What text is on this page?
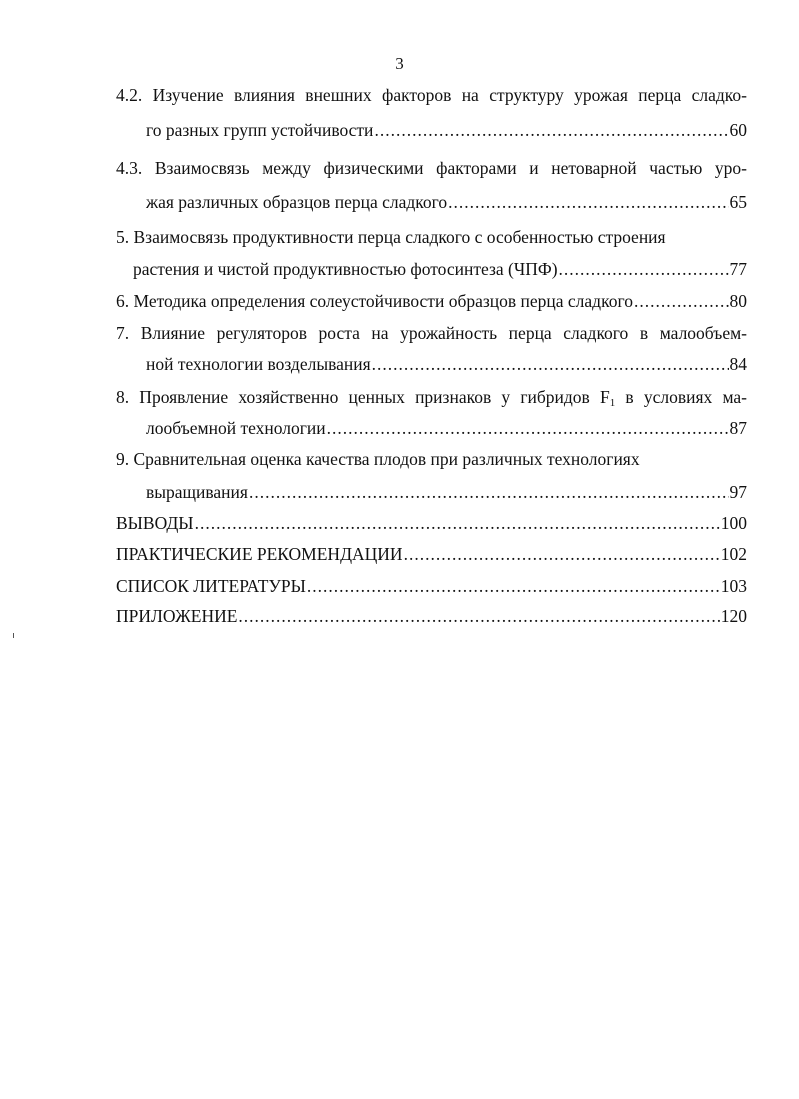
3
4.2. Изучение влияния внешних факторов на структуру урожая перца сладко-
го разных групп устойчивости .....	60
4.3. Взаимосвязь между физическими факторами и нетоварной частью уро-
жая различных образцов перца сладкого .....	65
5. Взаимосвязь продуктивности перца сладкого с особенностью строения
растения и чистой продуктивностью фотосинтеза (ЧПФ) .....	77
6. Методика определения солеустойчивости образцов перца сладкого .....	80
7. Влияние регуляторов роста на урожайность перца сладкого в малообъем-
ной технологии возделывания .....	84
8. Проявление хозяйственно ценных признаков у гибридов $F_1$ в условиях ма-
лообъемной технологии .....	87
9. Сравнительная оценка качества плодов при различных технологиях
выращивания .....	97
ВЫВОДЫ .....	100
ПРАКТИЧЕСКИЕ РЕКОМЕНДАЦИИ .....	102
СПИСОК ЛИТЕРАТУРЫ .....	103
ПРИЛОЖЕНИЕ .....	120
